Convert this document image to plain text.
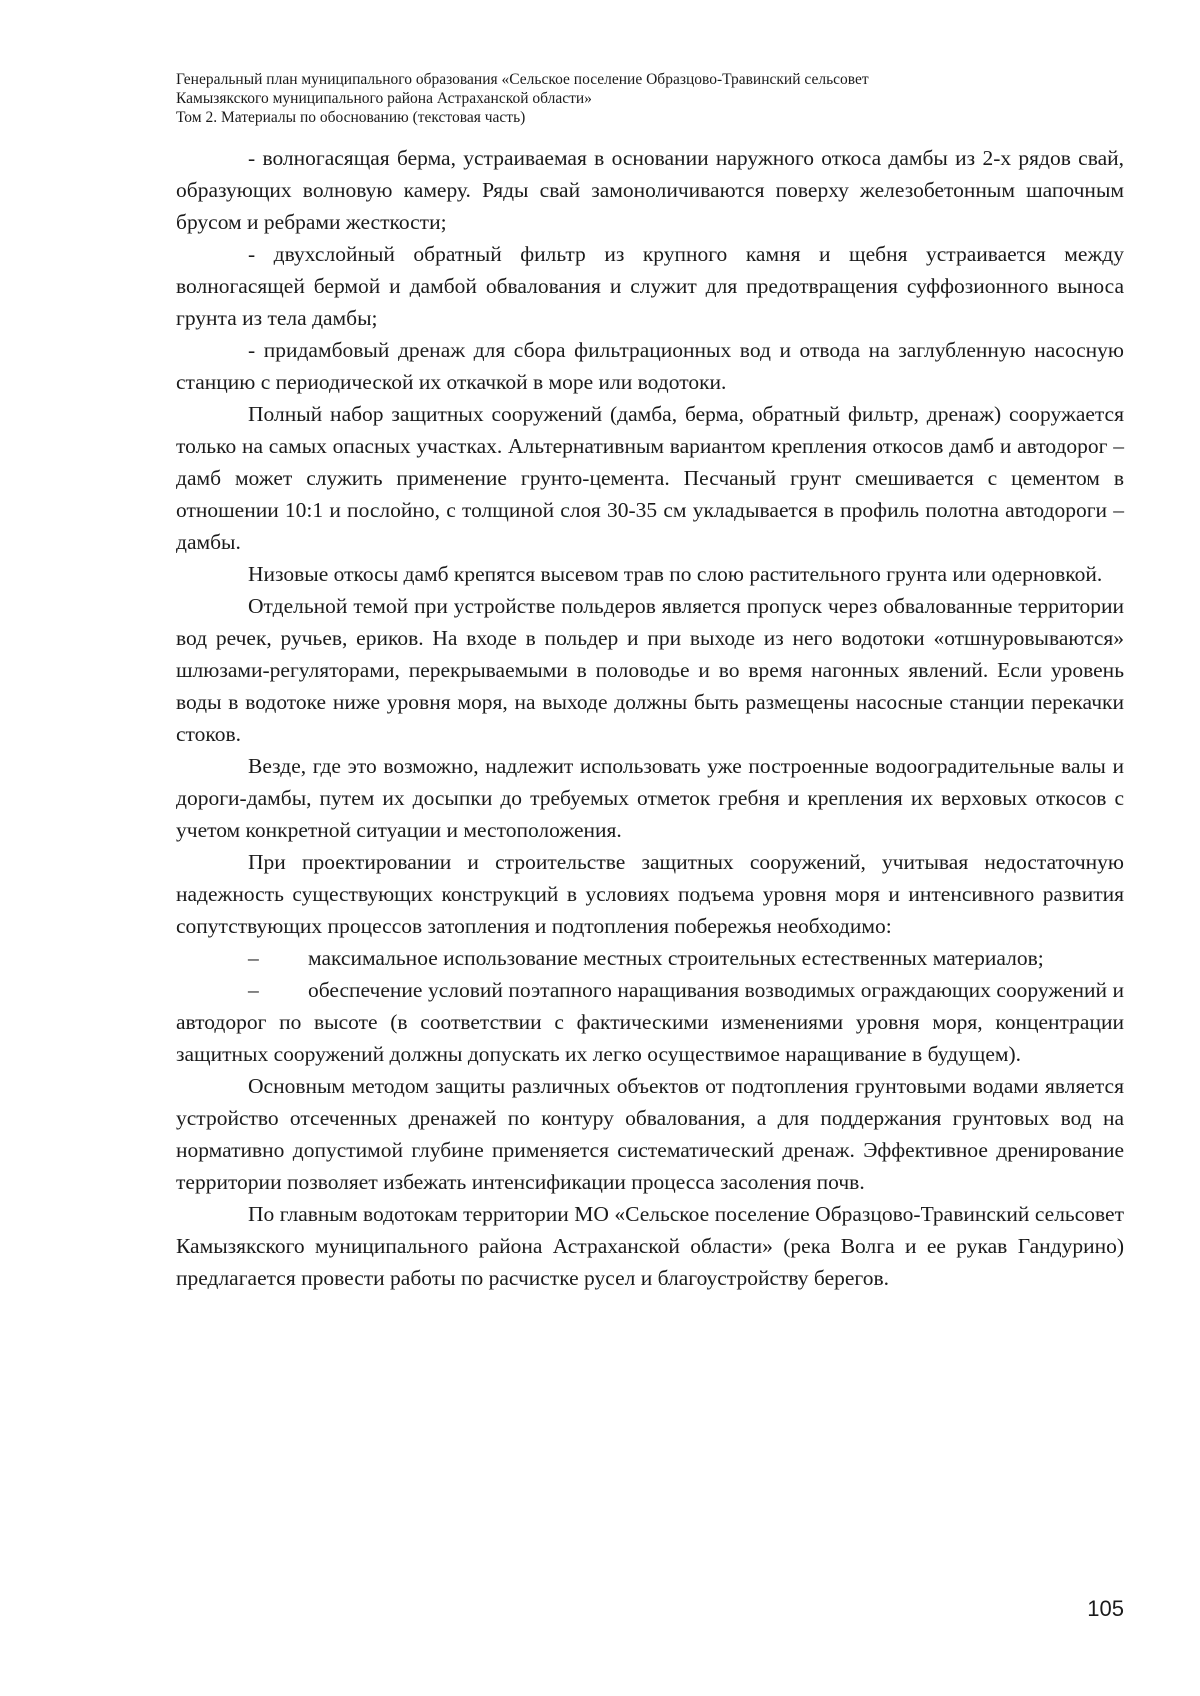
Генеральный план муниципального образования «Сельское поселение Образцово-Травинский сельсовет

Камызякского муниципального района Астраханской области»

Том 2. Материалы по обоснованию (текстовая часть)

- волногасящая берма, устраиваемая в основании наружного откоса дамбы из 2-х рядов свай, образующих волновую камеру. Ряды свай замоноличиваются поверху железобетонным шапочным брусом и ребрами жесткости;

- двухслойный обратный фильтр из крупного камня и щебня устраивается между волногасящей бермой и дамбой обвалования и служит для предотвращения суффозионного выноса грунта из тела дамбы;

- придамбовый дренаж для сбора фильтрационных вод и отвода на заглубленную насосную станцию с периодической их откачкой в море или водотоки.

Полный набор защитных сооружений (дамба, берма, обратный фильтр, дренаж) сооружается только на самых опасных участках. Альтернативным вариантом крепления откосов дамб и автодорог – дамб может служить применение грунто-цемента. Песчаный грунт смешивается с цементом в отношении 10:1 и послойно, с толщиной слоя 30-35 см укладывается в профиль полотна автодороги – дамбы.

Низовые откосы дамб крепятся высевом трав по слою растительного грунта или одерновкой.

Отдельной темой при устройстве польдеров является пропуск через обвалованные территории вод речек, ручьев, ериков. На входе в польдер и при выходе из него водотоки «отшнуровываются» шлюзами-регуляторами, перекрываемыми в половодье и во время нагонных явлений. Если уровень воды в водотоке ниже уровня моря, на выходе должны быть размещены насосные станции перекачки стоков.

Везде, где это возможно, надлежит использовать уже построенные водооградительные валы и дороги-дамбы, путем их досыпки до требуемых отметок гребня и крепления их верховых откосов с учетом конкретной ситуации и местоположения.

При проектировании и строительстве защитных сооружений, учитывая недостаточную надежность существующих конструкций в условиях подъема уровня моря и интенсивного развития сопутствующих процессов затопления и подтопления побережья необходимо:

– максимальное использование местных строительных естественных материалов;

– обеспечение условий поэтапного наращивания возводимых ограждающих сооружений и автодорог по высоте (в соответствии с фактическими изменениями уровня моря, концентрации защитных сооружений должны допускать их легко осуществимое наращивание в будущем).

Основным методом защиты различных объектов от подтопления грунтовыми водами является устройство отсеченных дренажей по контуру обвалования, а для поддержания грунтовых вод на нормативно допустимой глубине применяется систематический дренаж. Эффективное дренирование территории позволяет избежать интенсификации процесса засоления почв.

По главным водотокам территории МО «Сельское поселение Образцово-Травинский сельсовет Камызякского муниципального района Астраханской области» (река Волга и ее рукав Гандурино) предлагается провести работы по расчистке русел и благоустройству берегов.

105
